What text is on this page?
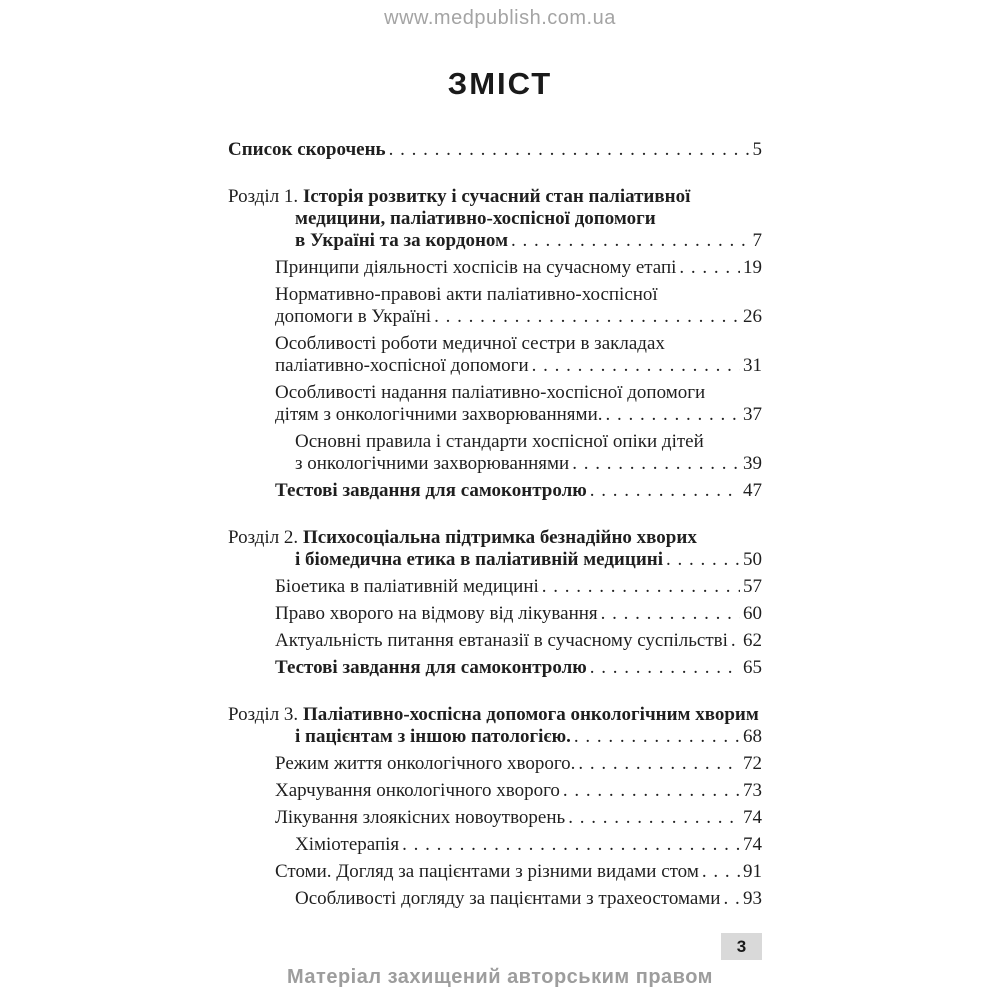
www.medpublish.com.ua
ЗМІСТ
Список скорочень . . .	5
Розділ 1. Історія розвитку і сучасний стан паліативної
медицини, паліативно-хоспісної допомоги
в Україні та за кордоном . . .	7
Принципи діяльності хоспісів на сучасному етапі . . .	19
Нормативно-правові акти паліативно-хоспісної
допомоги в Україні . . .	26
Особливості роботи медичної сестри в закладах
паліативно-хоспісної допомоги . . .	31
Особливості надання паліативно-хоспісної допомоги
дітям з онкологічними захворюваннями. . . .	37
Основні правила і стандарти хоспісної опіки дітей
з онкологічними захворюваннями . . .	39
Тестові завдання для самоконтролю . . .	47
Розділ 2. Психосоціальна підтримка безнадійно хворих
і біомедична етика в паліативній медицині . . .	50
Біоетика в паліативній медицині . . .	57
Право хворого на відмову від лікування . . .	60
Актуальність питання евтаназії в сучасному суспільстві . . . 62
Тестові завдання для самоконтролю . . .	65
Розділ 3. Паліативно-хоспісна допомога онкологічним хворим
і пацієнтам з іншою патологією. . . .	68
Режим життя онкологічного хворого. . . .	72
Харчування онкологічного хворого . . .	73
Лікування злоякісних новоутворень . . .	74
Хіміотерапія . . .	74
Стоми. Догляд за пацієнтами з різними видами стом . . . 91
Особливості догляду за пацієнтами з трахеостомами . . . 93
3
Матеріал захищений авторським правом
